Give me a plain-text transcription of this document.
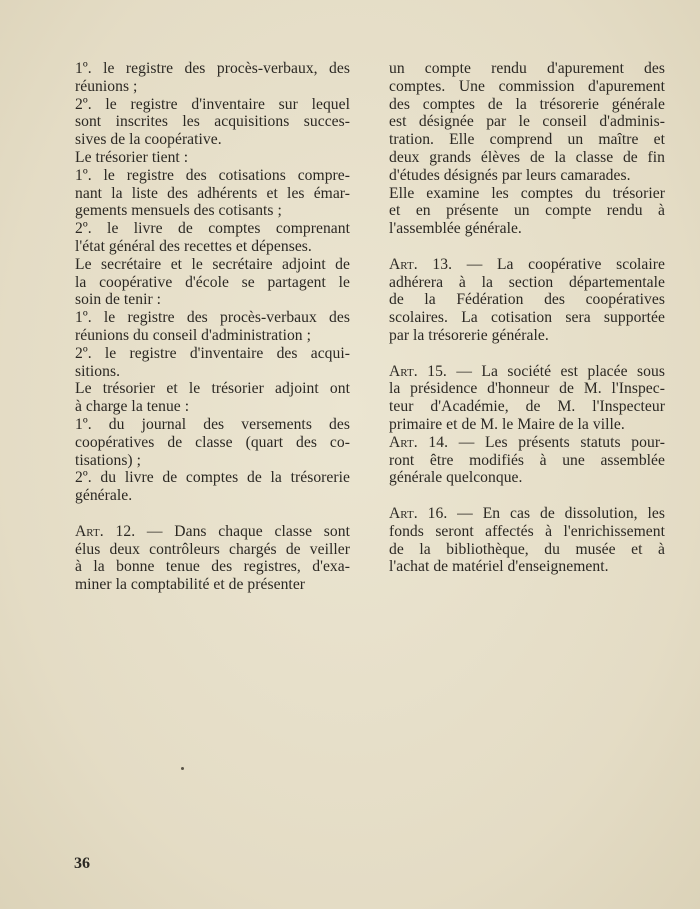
1º. le registre des procès-verbaux, des
réunions ;
2º. le registre d'inventaire sur lequel
sont inscrites les acquisitions succes-
sives de la coopérative.
Le trésorier tient :
1º. le registre des cotisations compre-
nant la liste des adhérents et les émar-
gements mensuels des cotisants ;
2º. le livre de comptes comprenant
l'état général des recettes et dépenses.
Le secrétaire et le secrétaire adjoint de
la coopérative d'école se partagent le
soin de tenir :
1º. le registre des procès-verbaux des
réunions du conseil d'administration ;
2º. le registre d'inventaire des acqui-
sitions.
Le trésorier et le trésorier adjoint ont
à charge la tenue :
1º. du journal des versements des
coopératives de classe (quart des co-
tisations) ;
2º. du livre de comptes de la trésorerie
générale.
Art. 12. — Dans chaque classe sont
élus deux contrôleurs chargés de veiller
à la bonne tenue des registres, d'exa-
miner la comptabilité et de présenter
un compte rendu d'apurement des
comptes. Une commission d'apurement
des comptes de la trésorerie générale
est désignée par le conseil d'adminis-
tration. Elle comprend un maître et
deux grands élèves de la classe de fin
d'études désignés par leurs camarades.
Elle examine les comptes du trésorier
et en présente un compte rendu à
l'assemblée générale.
Art. 13. — La coopérative scolaire
adhérera à la section départementale
de la Fédération des coopératives
scolaires. La cotisation sera supportée
par la trésorerie générale.
Art. 15. — La société est placée sous
la présidence d'honneur de M. l'Inspec-
teur d'Académie, de M. l'Inspecteur
primaire et de M. le Maire de la ville.
Art. 14. — Les présents statuts pour-
ront être modifiés à une assemblée
générale quelconque.
Art. 16. — En cas de dissolution, les
fonds seront affectés à l'enrichissement
de la bibliothèque, du musée et à
l'achat de matériel d'enseignement.
36
